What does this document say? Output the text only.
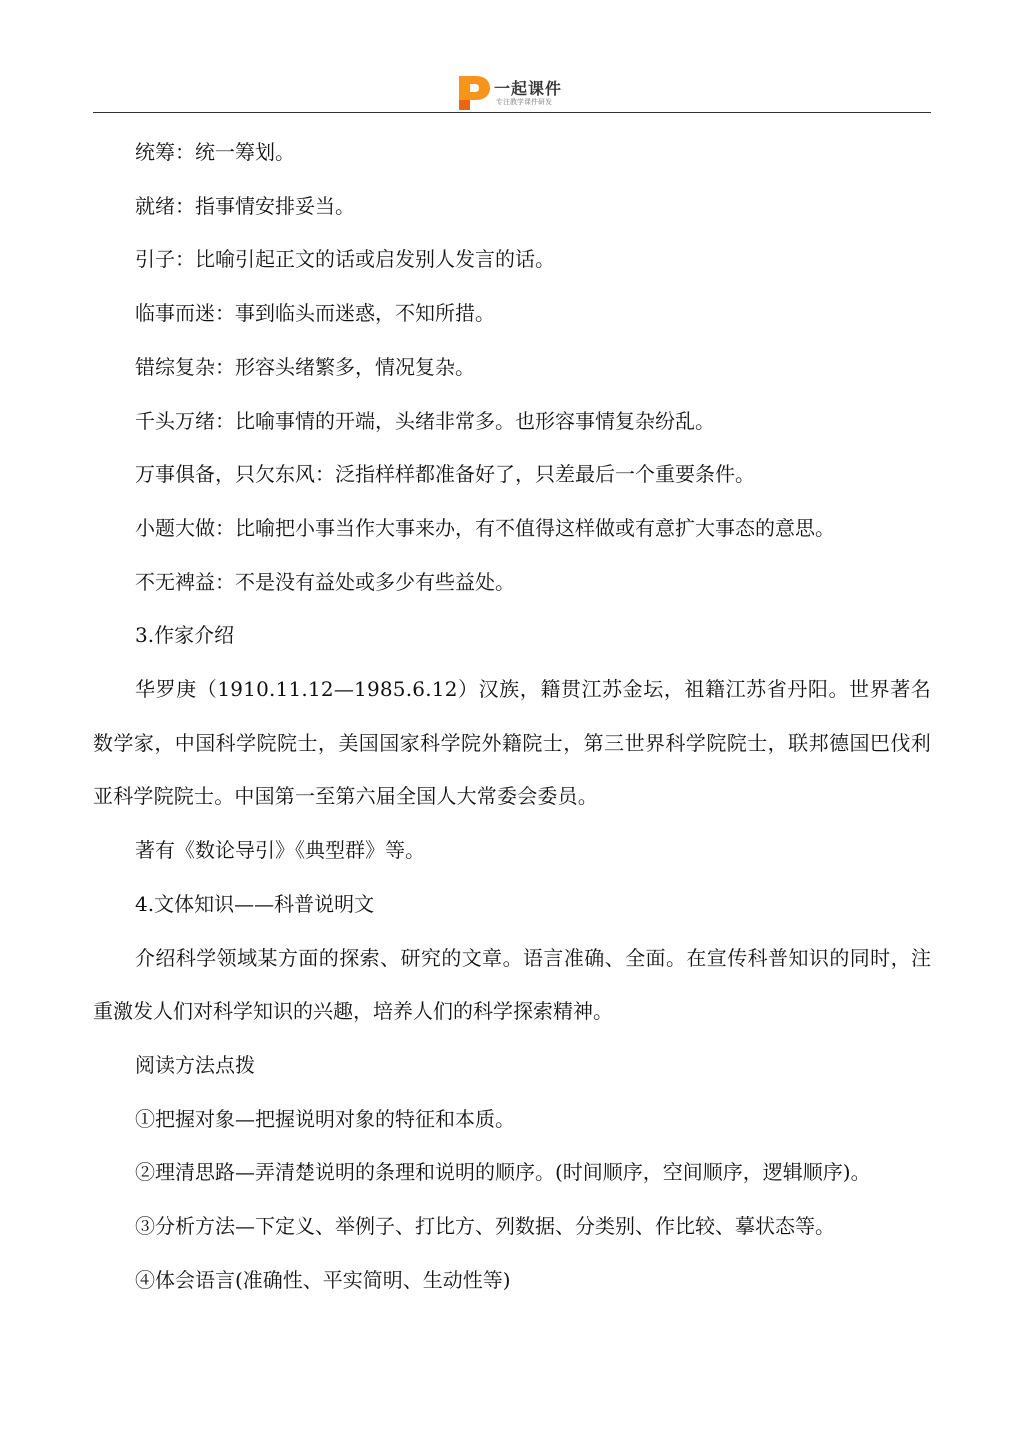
一起课件
专注教学课件研发

统筹：统一筹划。

就绪：指事情安排妥当。

引子：比喻引起正文的话或启发别人发言的话。

临事而迷：事到临头而迷惑，不知所措。

错综复杂：形容头绪繁多，情况复杂。

千头万绪：比喻事情的开端，头绪非常多。也形容事情复杂纷乱。

万事俱备，只欠东风：泛指样样都准备好了，只差最后一个重要条件。

小题大做：比喻把小事当作大事来办，有不值得这样做或有意扩大事态的意思。

不无裨益：不是没有益处或多少有些益处。

3.作家介绍

华罗庚（1910.11.12—1985.6.12）汉族，籍贯江苏金坛，祖籍江苏省丹阳。世界著名数学家，中国科学院院士，美国国家科学院外籍院士，第三世界科学院院士，联邦德国巴伐利亚科学院院士。中国第一至第六届全国人大常委会委员。

著有《数论导引》《典型群》等。

4.文体知识——科普说明文

介绍科学领域某方面的探索、研究的文章。语言准确、全面。在宣传科普知识的同时，注重激发人们对科学知识的兴趣，培养人们的科学探索精神。

阅读方法点拨

①把握对象—把握说明对象的特征和本质。

②理清思路—弄清楚说明的条理和说明的顺序。(时间顺序，空间顺序，逻辑顺序)。

③分析方法—下定义、举例子、打比方、列数据、分类别、作比较、摹状态等。

④体会语言(准确性、平实简明、生动性等)
